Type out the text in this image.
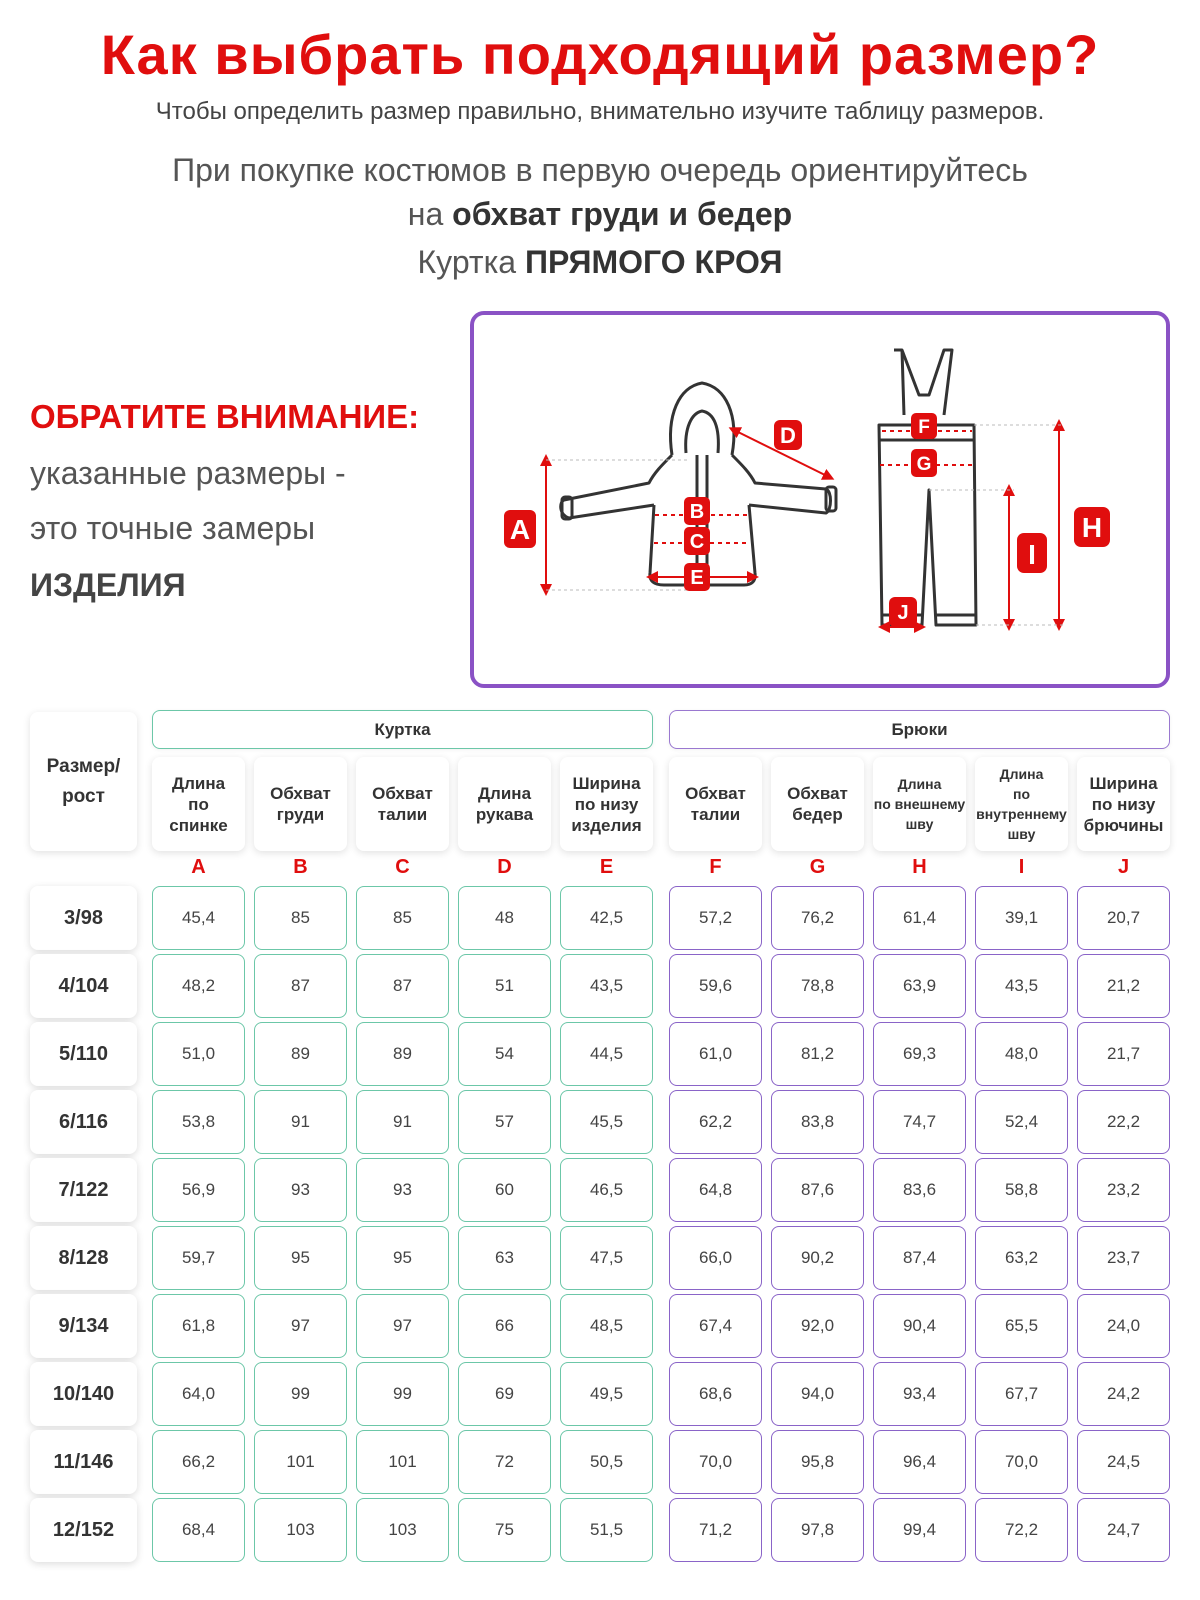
Как выбрать подходящий размер?
Чтобы определить размер правильно, внимательно изучите таблицу размеров.
При покупке костюмов в первую очередь ориентируйтесь
на обхват груди и бедер
Куртка ПРЯМОГО КРОЯ
ОБРАТИТЕ ВНИМАНИЕ:
указанные размеры -
это точные замеры
ИЗДЕЛИЯ
A
B
C
D
E
F
G
H
I
J
Размер/
рост
Куртка	Брюки
Длина
по
спинке
A
Обхват
груди
B
Обхват
талии
C
Длина
рукава
D
Ширина
по низу
изделия
E
Обхват
талии
F
Обхват
бедер
G
Длина
по внешнему
шву
H
Длина
по
внутреннему
шву
I
Ширина
по низу
брючины
J
3/98	45,4	85	85	48	42,5	57,2	76,2	61,4	39,1	20,7
4/104	48,2	87	87	51	43,5	59,6	78,8	63,9	43,5	21,2
5/110	51,0	89	89	54	44,5	61,0	81,2	69,3	48,0	21,7
6/116	53,8	91	91	57	45,5	62,2	83,8	74,7	52,4	22,2
7/122	56,9	93	93	60	46,5	64,8	87,6	83,6	58,8	23,2
8/128	59,7	95	95	63	47,5	66,0	90,2	87,4	63,2	23,7
9/134	61,8	97	97	66	48,5	67,4	92,0	90,4	65,5	24,0
10/140	64,0	99	99	69	49,5	68,6	94,0	93,4	67,7	24,2
11/146	66,2	101	101	72	50,5	70,0	95,8	96,4	70,0	24,5
12/152	68,4	103	103	75	51,5	71,2	97,8	99,4	72,2	24,7
